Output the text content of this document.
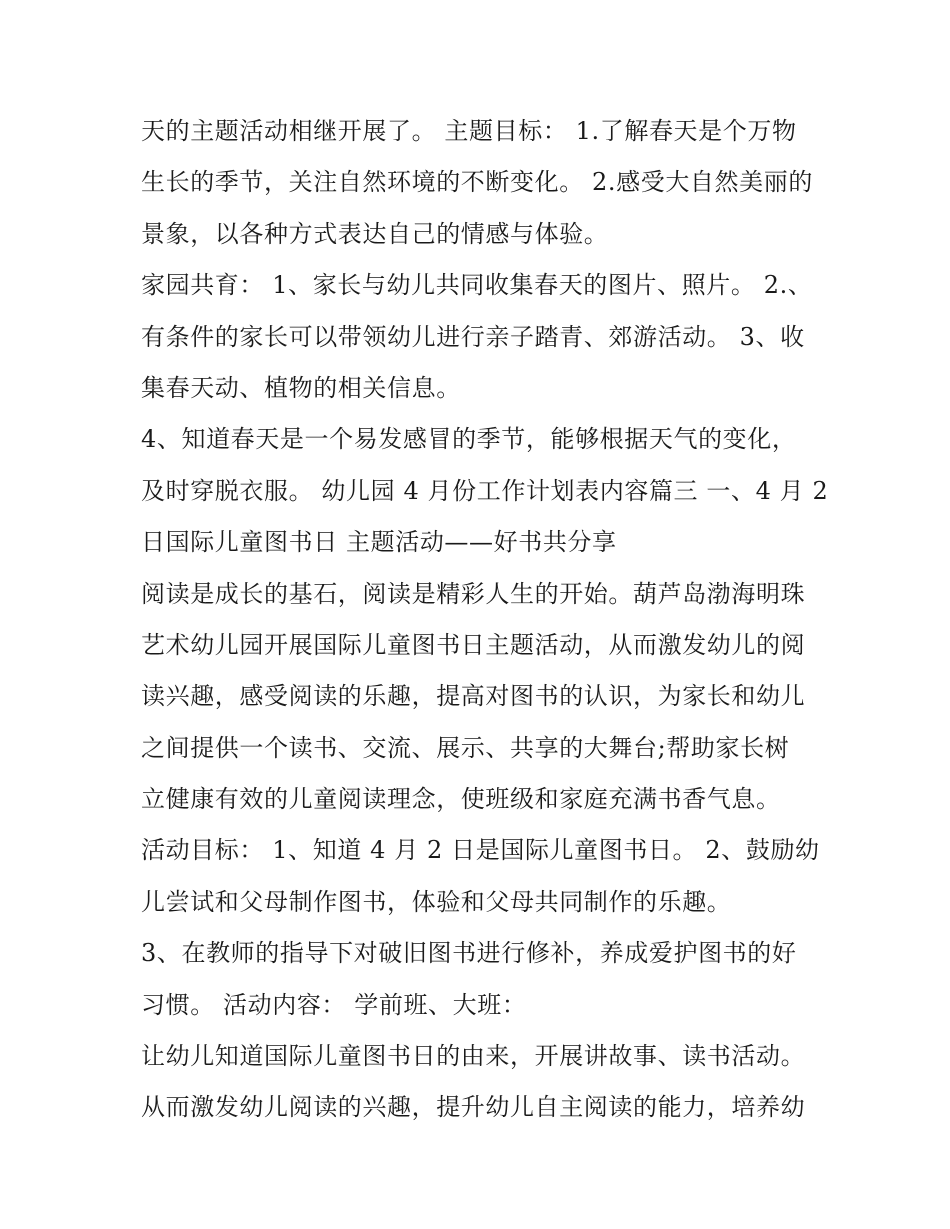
天的主题活动相继开展了。 主题目标： 1.了解春天是个万物
生长的季节，关注自然环境的不断变化。 2.感受大自然美丽的
景象，以各种方式表达自己的情感与体验。
家园共育： 1、家长与幼儿共同收集春天的图片、照片。 2.、
有条件的家长可以带领幼儿进行亲子踏青、郊游活动。 3、收
集春天动、植物的相关信息。
4、知道春天是一个易发感冒的季节，能够根据天气的变化，
及时穿脱衣服。 幼儿园 4 月份工作计划表内容篇三 一、4 月 2
日国际儿童图书日 主题活动——好书共分享
阅读是成长的基石，阅读是精彩人生的开始。葫芦岛渤海明珠
艺术幼儿园开展国际儿童图书日主题活动，从而激发幼儿的阅
读兴趣，感受阅读的乐趣，提高对图书的认识，为家长和幼儿
之间提供一个读书、交流、展示、共享的大舞台;帮助家长树
立健康有效的儿童阅读理念，使班级和家庭充满书香气息。
活动目标： 1、知道 4 月 2 日是国际儿童图书日。 2、鼓励幼
儿尝试和父母制作图书，体验和父母共同制作的乐趣。
3、在教师的指导下对破旧图书进行修补，养成爱护图书的好
习惯。 活动内容： 学前班、大班：
让幼儿知道国际儿童图书日的由来，开展讲故事、读书活动。
从而激发幼儿阅读的兴趣，提升幼儿自主阅读的能力，培养幼
